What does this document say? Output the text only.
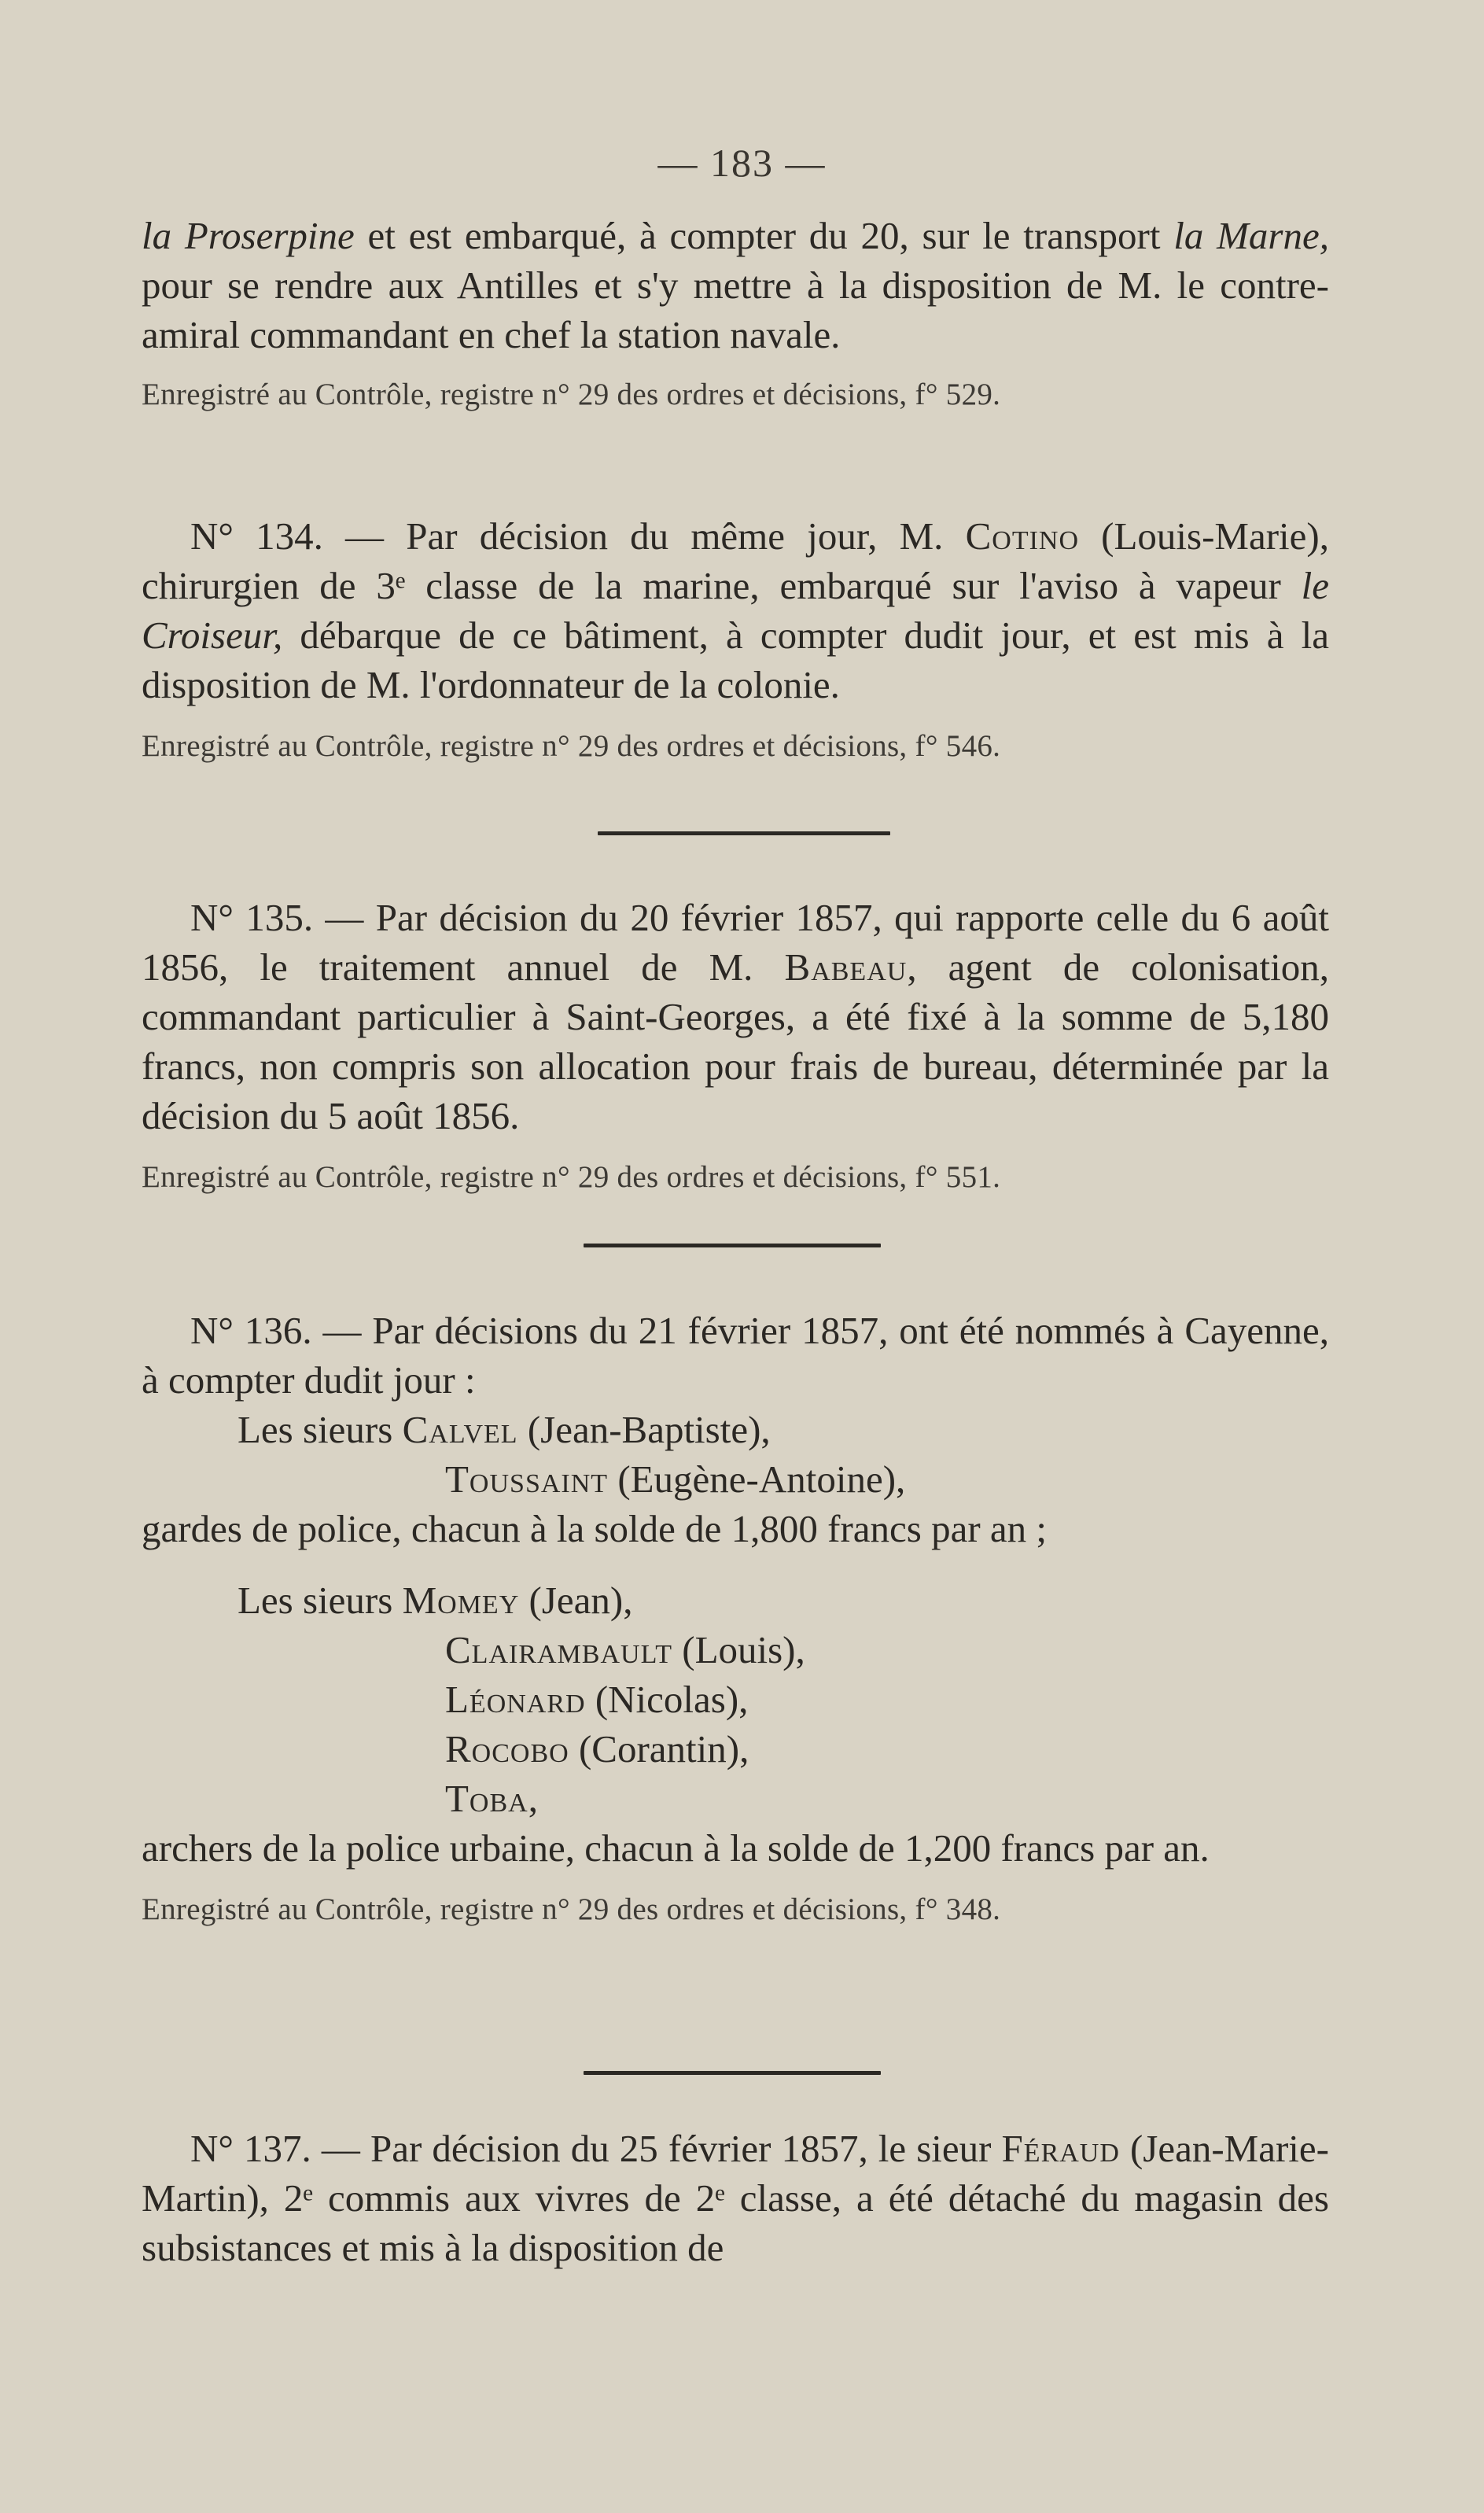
— 183 —

la Proserpine et est embarqué, à compter du 20, sur le transport la Marne, pour se rendre aux Antilles et s'y mettre à la disposition de M. le contre-amiral commandant en chef la station navale.

Enregistré au Contrôle, registre n° 29 des ordres et décisions, f° 529.

N° 134. — Par décision du même jour, M. Cotino (Louis-Marie), chirurgien de 3ᵉ classe de la marine, embarqué sur l'aviso à vapeur le Croiseur, débarque de ce bâtiment, à compter dudit jour, et est mis à la disposition de M. l'ordonnateur de la colonie.

Enregistré au Contrôle, registre n° 29 des ordres et décisions, f° 546.

N° 135. — Par décision du 20 février 1857, qui rapporte celle du 6 août 1856, le traitement annuel de M. Babeau, agent de colonisation, commandant particulier à Saint-Georges, a été fixé à la somme de 5,180 francs, non compris son allocation pour frais de bureau, déterminée par la décision du 5 août 1856.

Enregistré au Contrôle, registre n° 29 des ordres et décisions, f° 551.

N° 136. — Par décisions du 21 février 1857, ont été nommés à Cayenne, à compter dudit jour :

Les sieurs Calvel (Jean-Baptiste),

Toussaint (Eugène-Antoine),

gardes de police, chacun à la solde de 1,800 francs par an ;

Les sieurs Momey (Jean),

Clairambault (Louis),

Léonard (Nicolas),

Rocobo (Corantin),

Toba,

archers de la police urbaine, chacun à la solde de 1,200 francs par an.

Enregistré au Contrôle, registre n° 29 des ordres et décisions, f° 348.

N° 137. — Par décision du 25 février 1857, le sieur Féraud (Jean-Marie-Martin), 2ᵉ commis aux vivres de 2ᵉ classe, a été détaché du magasin des subsistances et mis à la disposition de
